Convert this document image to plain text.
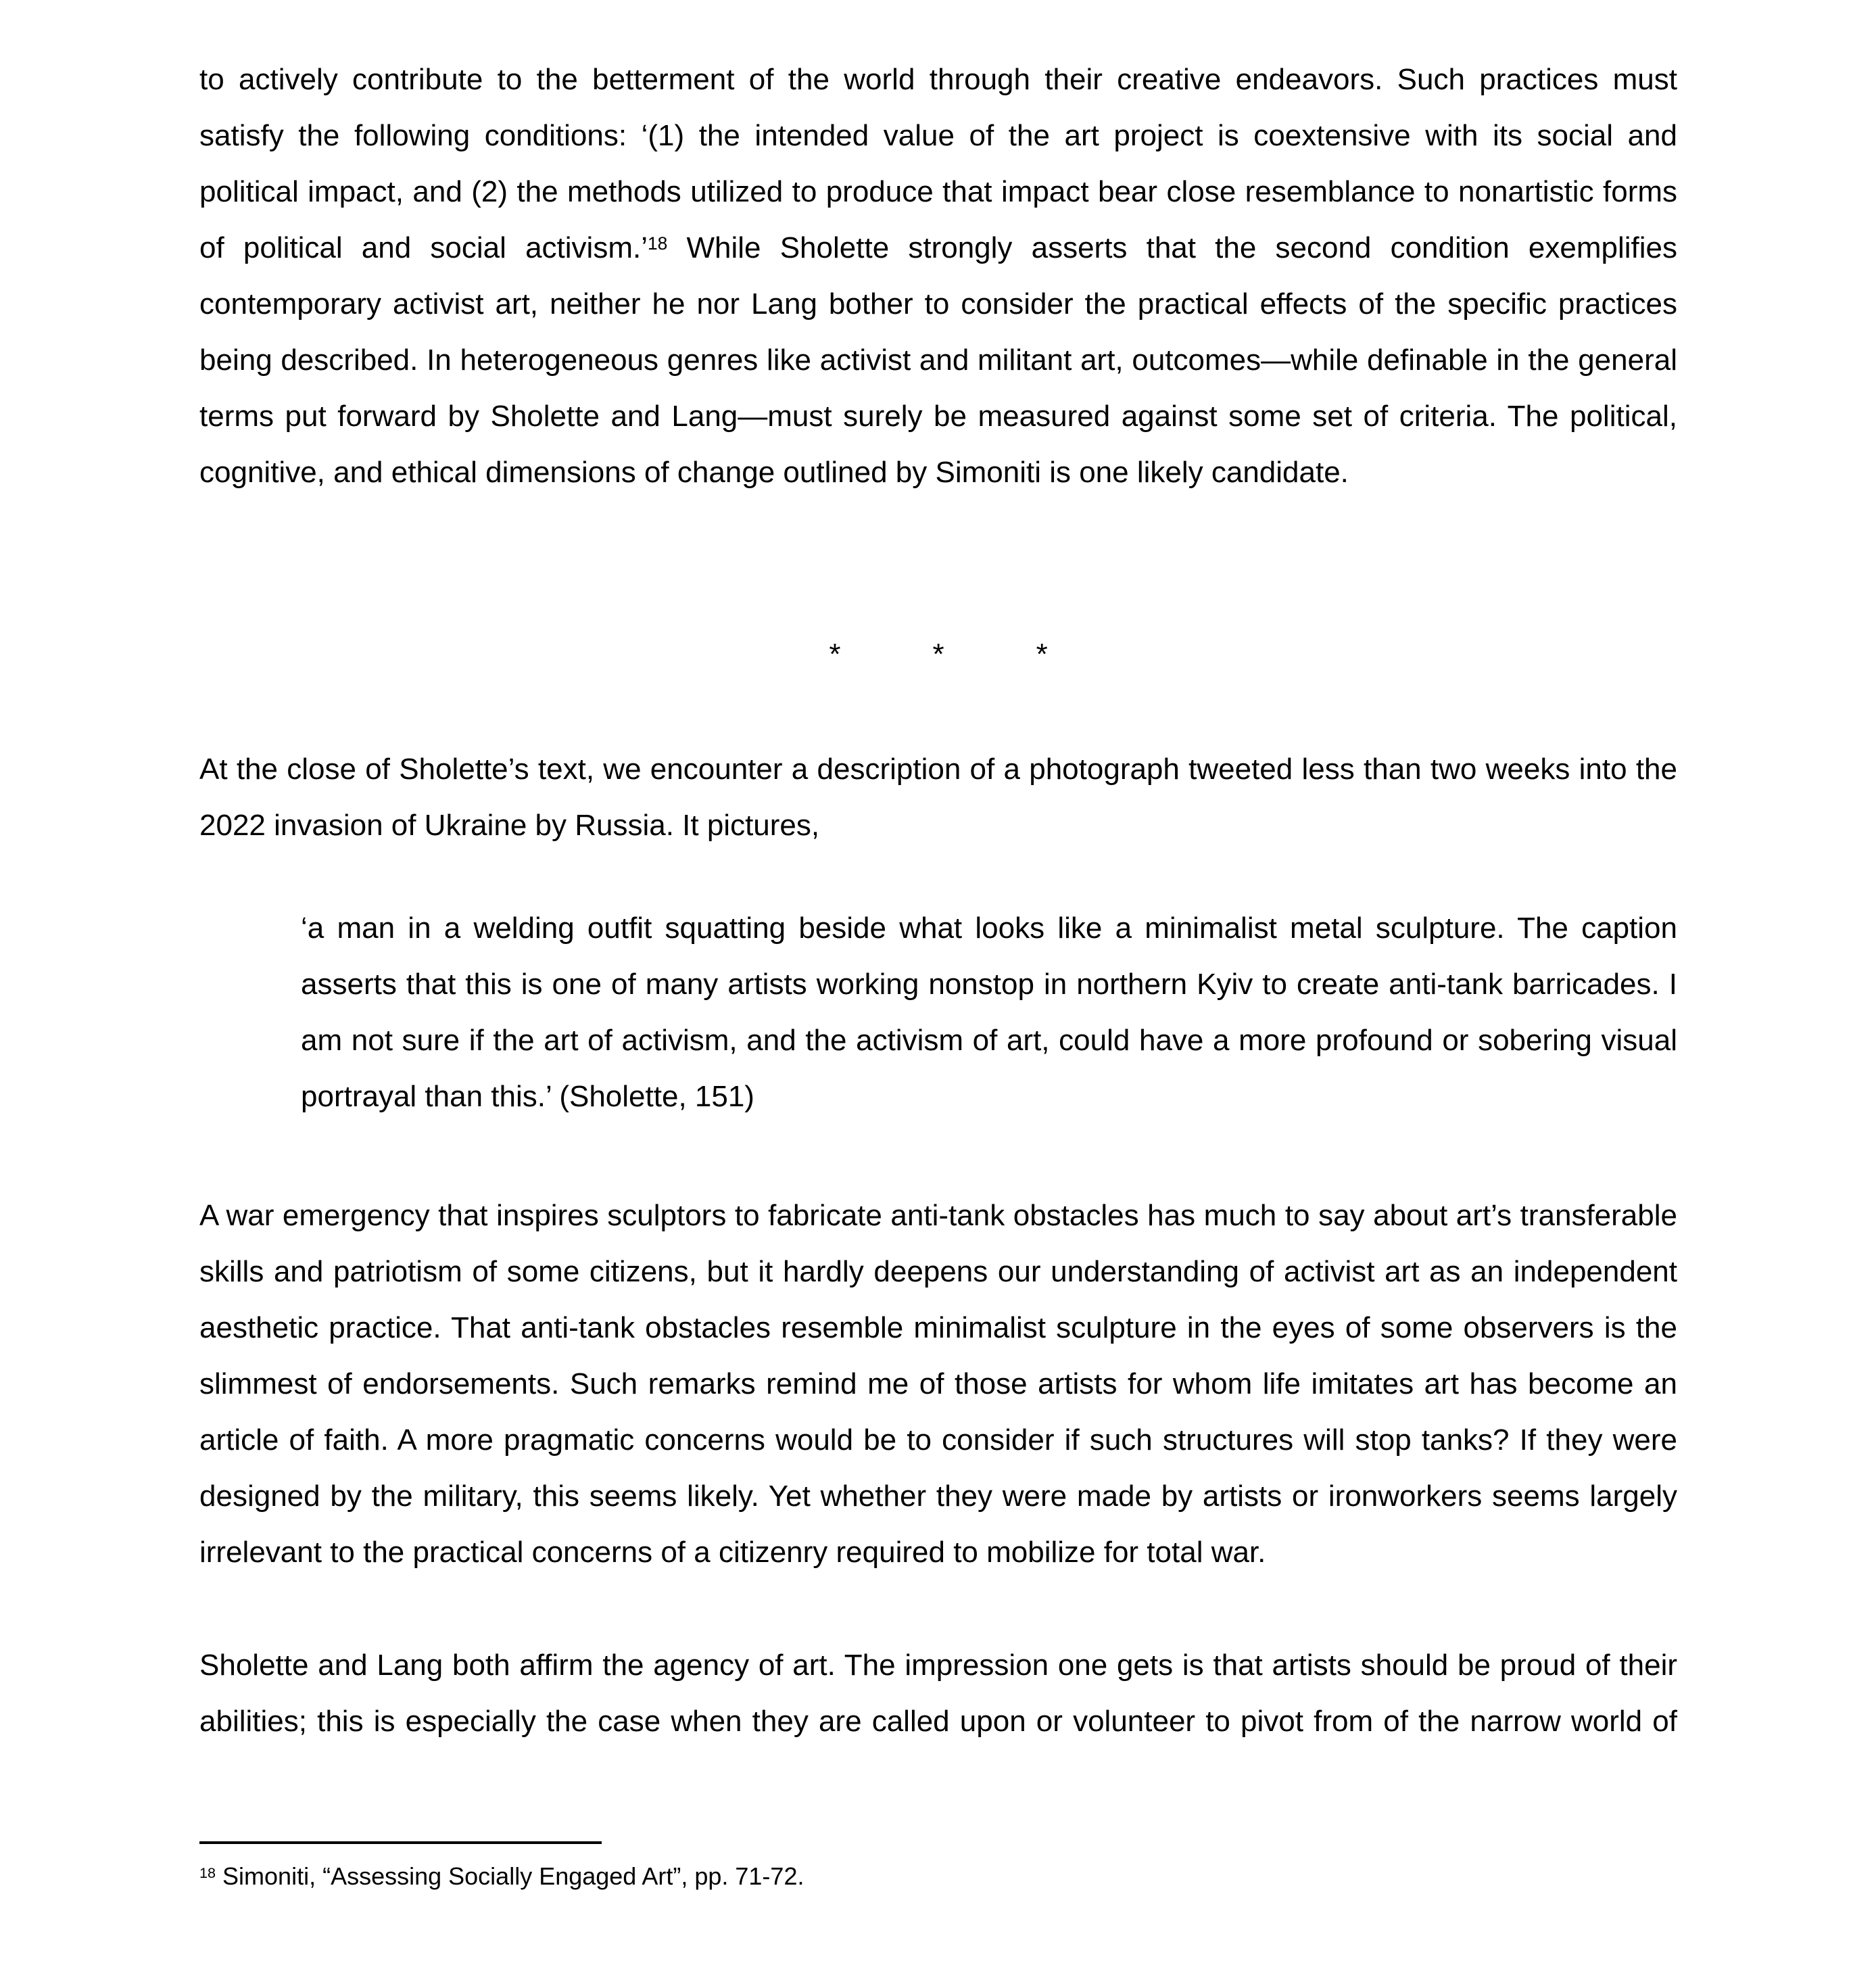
to actively contribute to the betterment of the world through their creative endeavors. Such practices must satisfy the following conditions: ‘(1) the intended value of the art project is coextensive with its social and political impact, and (2) the methods utilized to produce that impact bear close resemblance to nonartistic forms of political and social activism.’$^{18}$ While Sholette strongly asserts that the second condition exemplifies contemporary activist art, neither he nor Lang bother to consider the practical effects of the specific practices being described. In heterogeneous genres like activist and militant art, outcomes—while definable in the general terms put forward by Sholette and Lang—must surely be measured against some set of criteria. The political, cognitive, and ethical dimensions of change outlined by Simoniti is one likely candidate.

*	*	*

At the close of Sholette’s text, we encounter a description of a photograph tweeted less than two weeks into the 2022 invasion of Ukraine by Russia. It pictures,

‘a man in a welding outfit squatting beside what looks like a minimalist metal sculpture. The caption asserts that this is one of many artists working nonstop in northern Kyiv to create anti-tank barricades. I am not sure if the art of activism, and the activism of art, could have a more profound or sobering visual portrayal than this.’ (Sholette, 151)

A war emergency that inspires sculptors to fabricate anti-tank obstacles has much to say about art’s transferable skills and patriotism of some citizens, but it hardly deepens our understanding of activist art as an independent aesthetic practice. That anti-tank obstacles resemble minimalist sculpture in the eyes of some observers is the slimmest of endorsements. Such remarks remind me of those artists for whom life imitates art has become an article of faith. A more pragmatic concerns would be to consider if such structures will stop tanks? If they were designed by the military, this seems likely. Yet whether they were made by artists or ironworkers seems largely irrelevant to the practical concerns of a citizenry required to mobilize for total war.

Sholette and Lang both affirm the agency of art. The impression one gets is that artists should be proud of their abilities; this is especially the case when they are called upon or volunteer to pivot from of the narrow world of

$^{18}$ Simoniti, “Assessing Socially Engaged Art”, pp. 71-72.
